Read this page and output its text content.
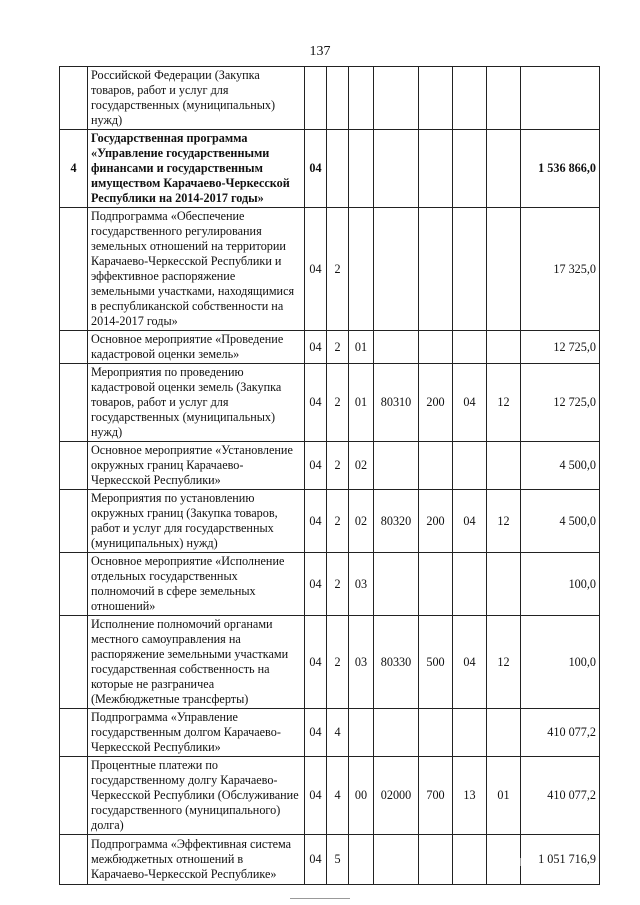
137
	Российской Федерации (Закупка товаров, работ и услуг для государственных (муниципальных) нужд)								
4	Государственная программа «Управление государственными финансами и государственным имуществом Карачаево-Черкесской Республики на 2014-2017 годы»	04							1 536 866,0
	Подпрограмма «Обеспечение государственного регулирования земельных отношений на территории Карачаево-Черкесской Республики и эффективное распоряжение земельными участками, находящимися в республиканской собственности на 2014-2017 годы»	04	2						17 325,0
	Основное мероприятие «Проведение кадастровой оценки земель»	04	2	01					12 725,0
	Мероприятия по проведению кадастровой оценки земель (Закупка товаров, работ и услуг для государственных (муниципальных) нужд)	04	2	01	80310	200	04	12	12 725,0
	Основное мероприятие «Установление окружных границ Карачаево-Черкесской Республики»	04	2	02					4 500,0
	Мероприятия по установлению окружных границ (Закупка товаров, работ и услуг для государственных (муниципальных) нужд)	04	2	02	80320	200	04	12	4 500,0
	Основное мероприятие «Исполнение отдельных государственных полномочий в сфере земельных отношений»	04	2	03					100,0
	Исполнение полномочий органами местного самоуправления на распоряжение земельными участками государственная собственность на которые не разграничеа (Межбюджетные трансферты)	04	2	03	80330	500	04	12	100,0
	Подпрограмма «Управление государственным долгом Карачаево-Черкесской Республики»	04	4						410 077,2
	Процентные платежи по государственному долгу Карачаево-Черкесской Республики (Обслуживание государственного (муниципального) долга)	04	4	00	02000	700	13	01	410 077,2
	Подпрограмма «Эффективная система межбюджетных отношений в Карачаево-Черкесской Республике»	04	5						1 051 716,9
